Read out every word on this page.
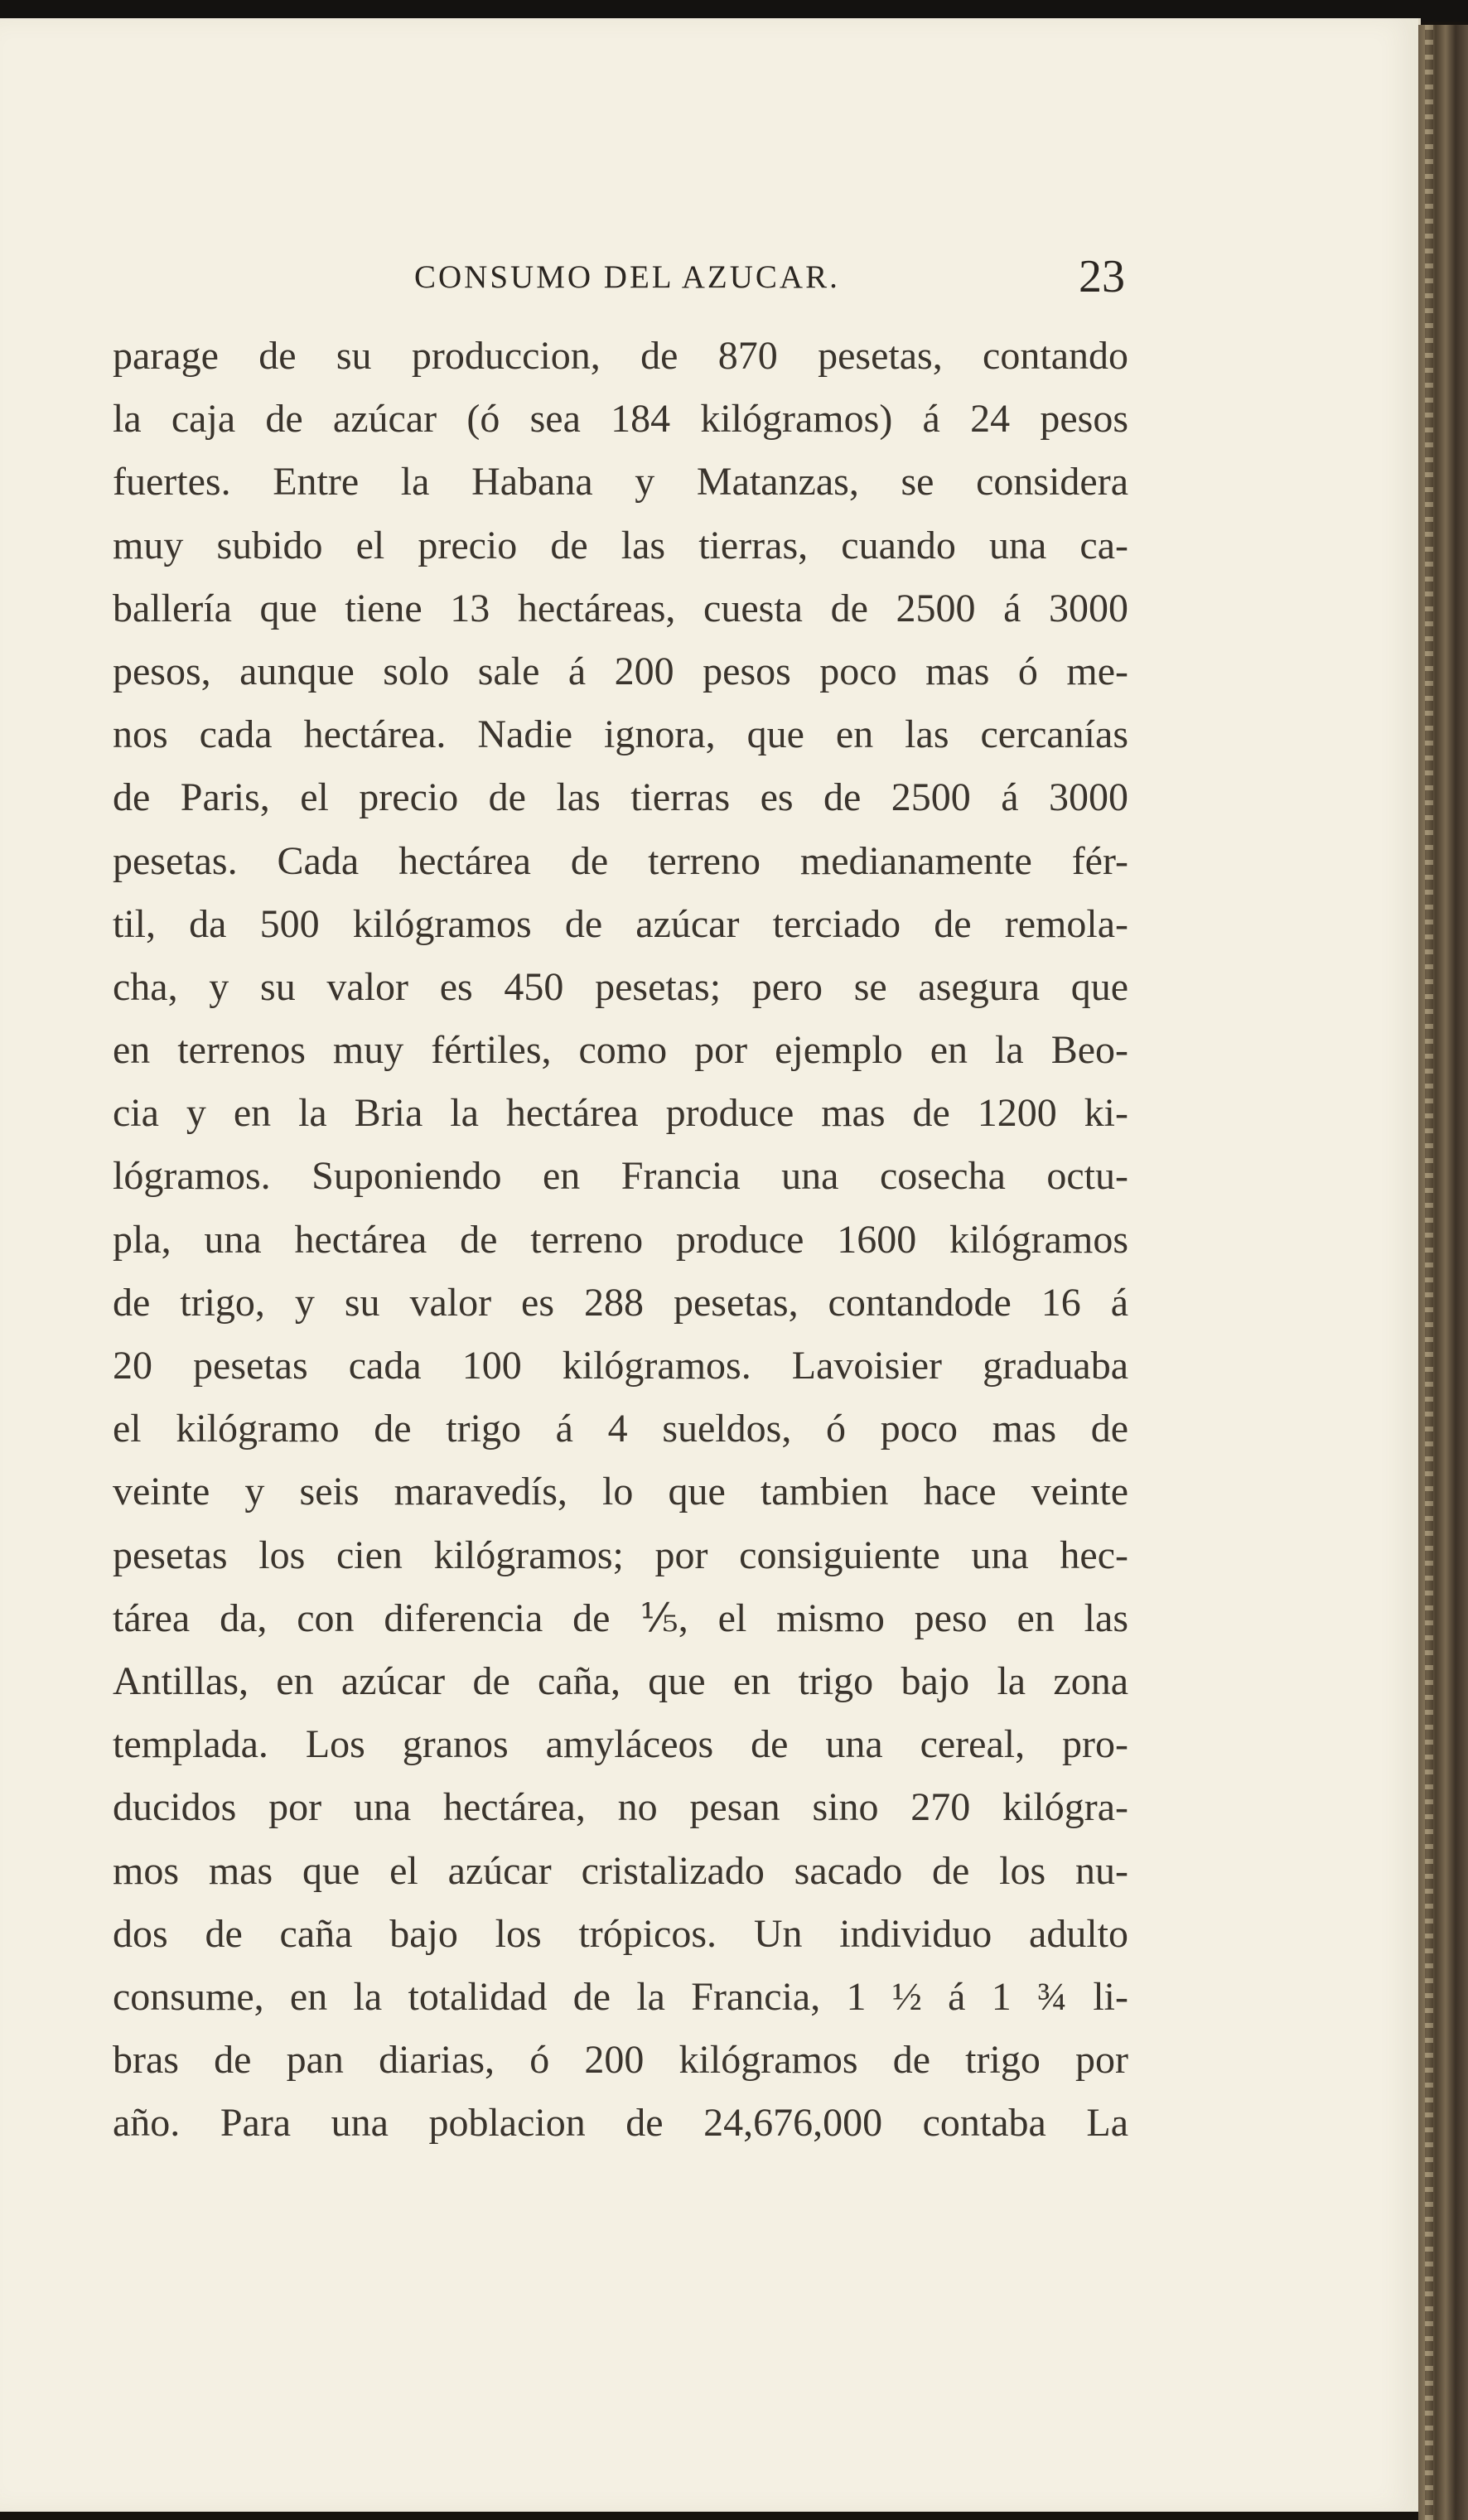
CONSUMO DEL AZUCAR.	23
parage de su produccion, de 870 pesetas, contando
la caja de azúcar (ó sea 184 kilógramos) á 24 pesos
fuertes. Entre la Habana y Matanzas, se considera
muy subido el precio de las tierras, cuando una ca-
ballería que tiene 13 hectáreas, cuesta de 2500 á 3000
pesos, aunque solo sale á 200 pesos poco mas ó me-
nos cada hectárea. Nadie ignora, que en las cercanías
de Paris, el precio de las tierras es de 2500 á 3000
pesetas. Cada hectárea de terreno medianamente fér-
til, da 500 kilógramos de azúcar terciado de remola-
cha, y su valor es 450 pesetas; pero se asegura que
en terrenos muy fértiles, como por ejemplo en la Beo-
cia y en la Bria la hectárea produce mas de 1200 ki-
lógramos. Suponiendo en Francia una cosecha octu-
pla, una hectárea de terreno produce 1600 kilógramos
de trigo, y su valor es 288 pesetas, contandode 16 á
20 pesetas cada 100 kilógramos. Lavoisier graduaba
el kilógramo de trigo á 4 sueldos, ó poco mas de
veinte y seis maravedís, lo que tambien hace veinte
pesetas los cien kilógramos; por consiguiente una hec-
tárea da, con diferencia de ⅕, el mismo peso en las
Antillas, en azúcar de caña, que en trigo bajo la zona
templada. Los granos amyláceos de una cereal, pro-
ducidos por una hectárea, no pesan sino 270 kilógra-
mos mas que el azúcar cristalizado sacado de los nu-
dos de caña bajo los trópicos. Un individuo adulto
consume, en la totalidad de la Francia, 1 ½ á 1 ¾ li-
bras de pan diarias, ó 200 kilógramos de trigo por
año. Para una poblacion de 24,676,000 contaba La
